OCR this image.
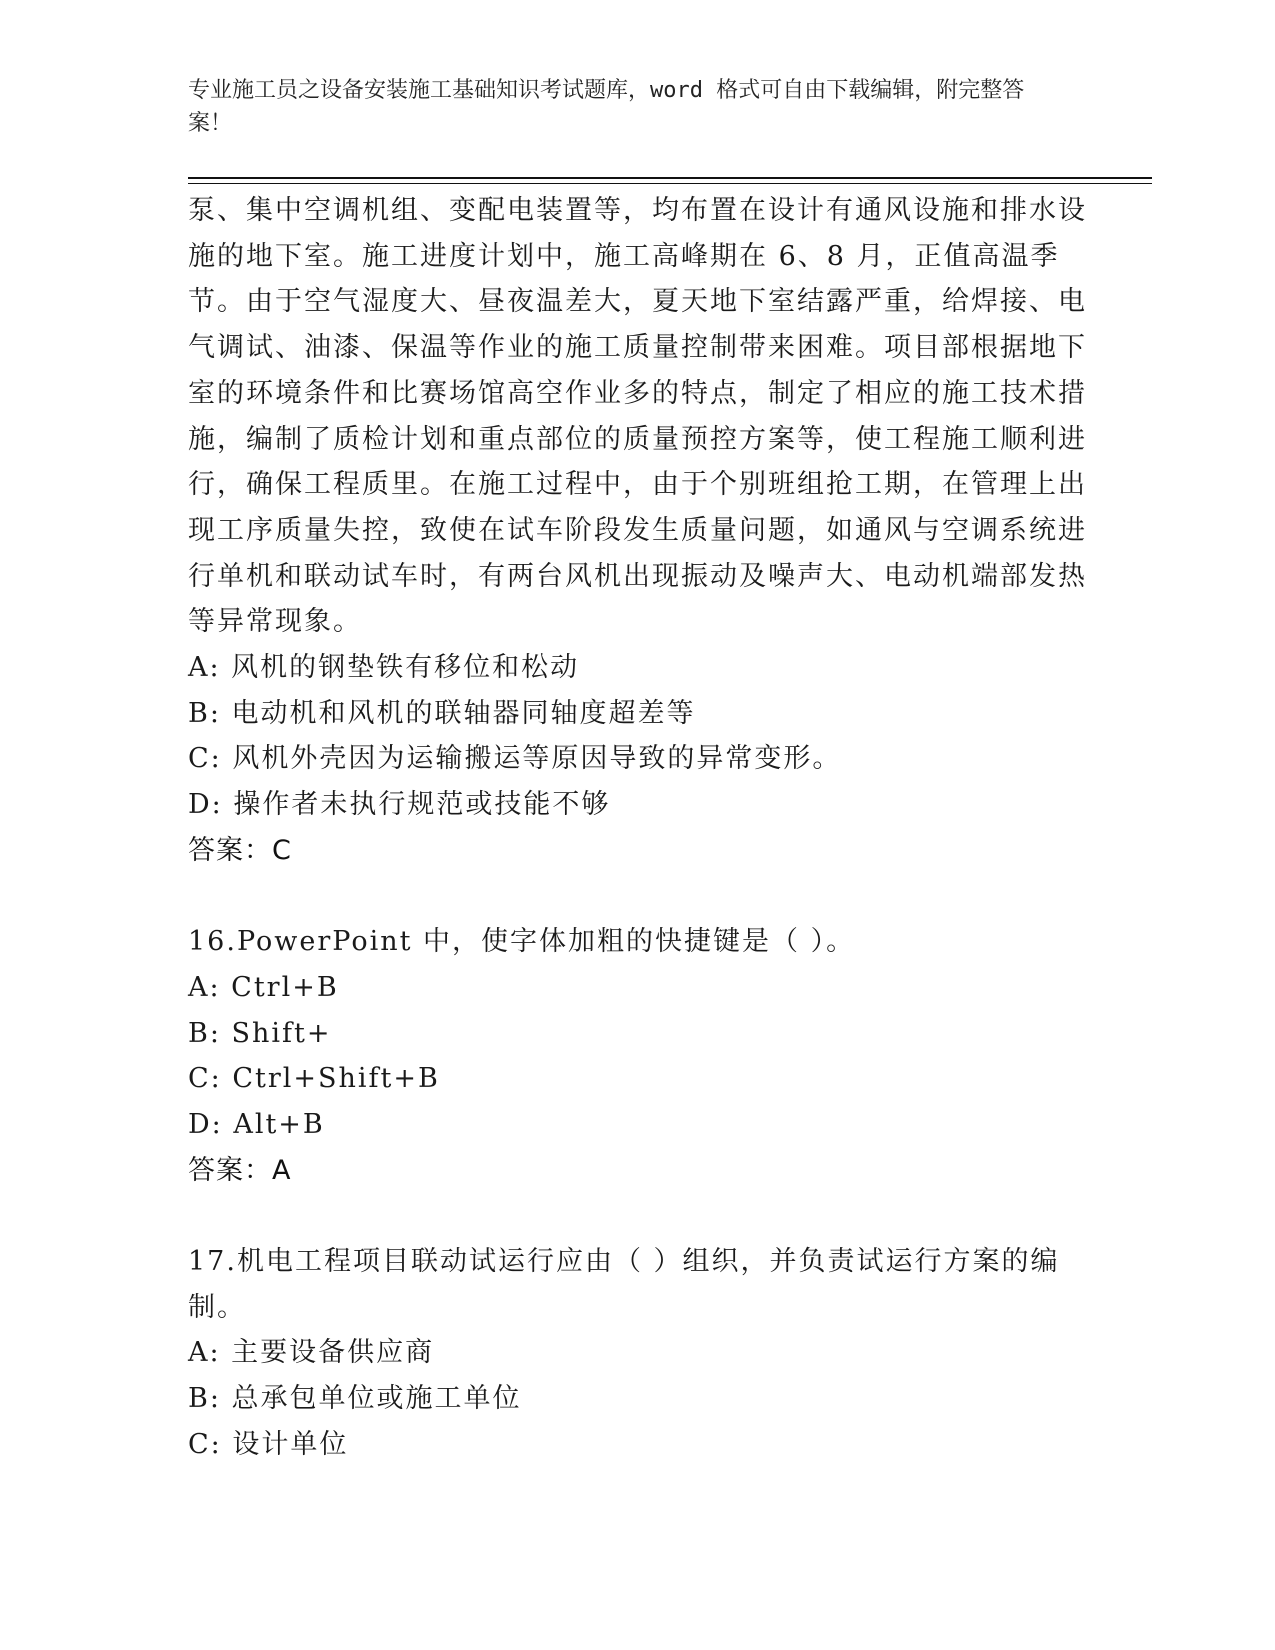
专业施工员之设备安装施工基础知识考试题库，word 格式可自由下载编辑，附完整答案！

泵、集中空调机组、变配电装置等，均布置在设计有通风设施和排水设施的地下室。施工进度计划中，施工高峰期在 6、8 月，正值高温季节。由于空气湿度大、昼夜温差大，夏天地下室结露严重，给焊接、电气调试、油漆、保温等作业的施工质量控制带来困难。项目部根据地下室的环境条件和比赛场馆高空作业多的特点，制定了相应的施工技术措施，编制了质检计划和重点部位的质量预控方案等，使工程施工顺利进行，确保工程质里。在施工过程中，由于个别班组抢工期，在管理上出现工序质量失控，致使在试车阶段发生质量问题，如通风与空调系统进行单机和联动试车时，有两台风机出现振动及噪声大、电动机端部发热等异常现象。

A: 风机的钢垫铁有移位和松动
B: 电动机和风机的联轴器同轴度超差等
C: 风机外壳因为运输搬运等原因导致的异常变形。
D: 操作者未执行规范或技能不够
答案：C
16.PowerPoint 中，使字体加粗的快捷键是（ ）。
A: Ctrl+B
B: Shift+
C: Ctrl+Shift+B
D: Alt+B
答案：A

17.机电工程项目联动试运行应由（ ）组织，并负责试运行方案的编制。

A: 主要设备供应商
B: 总承包单位或施工单位
C: 设计单位
